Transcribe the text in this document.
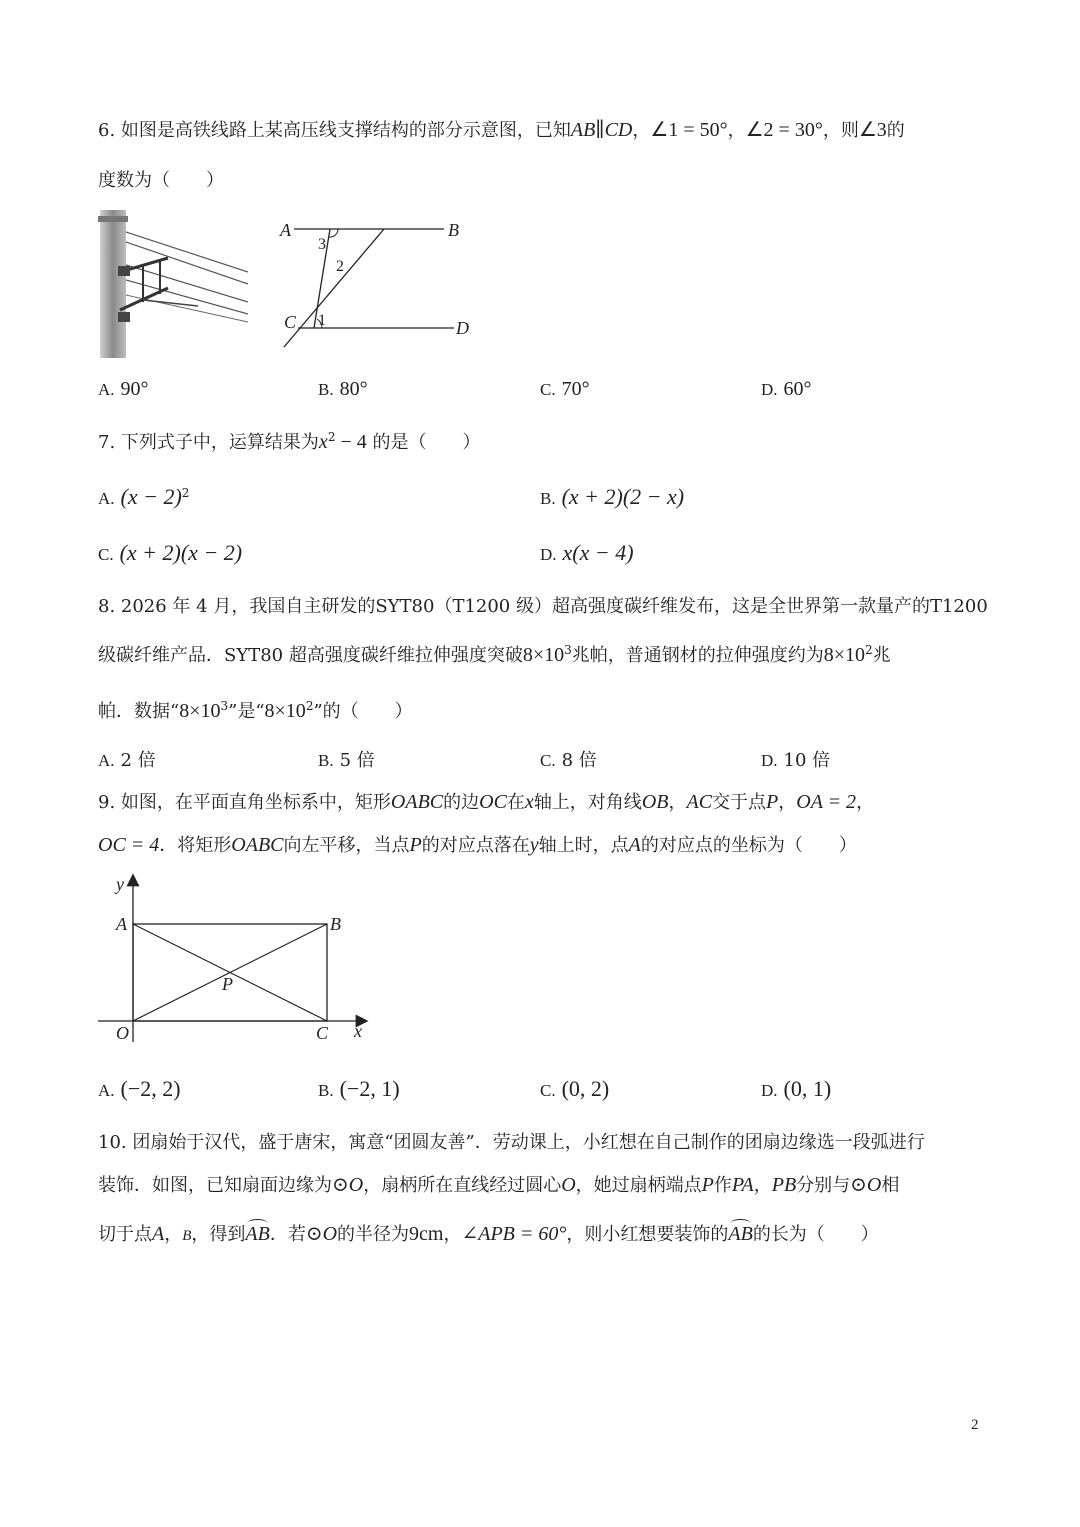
6. 如图是高铁线路上某高压线支撑结构的部分示意图，已知AB∥CD，∠1 = 50°，∠2 = 30°，则∠3的
度数为（　　）
A	B
C	D
3
2
1
A. 90°	B. 80°	C. 70°	D. 60°
7. 下列式子中，运算结果为$x^2 - 4$ 的是（　　）
A. $(x - 2)^2$	B. (x + 2)(2 − x)
C. (x + 2)(x − 2)	D. x(x − 4)
8. 2026 年 4 月，我国自主研发的SYT80（T1200 级）超高强度碳纤维发布，这是全世界第一款量产的T1200
级碳纤维产品．SYT80 超高强度碳纤维拉伸强度突破$8\times 10^3$兆帕，普通钢材的拉伸强度约为$8\times 10^2$兆
帕．数据“$8\times 10^3$”是“$8\times 10^2$”的（　　）
A. 2 倍	B. 5 倍	C. 8 倍	D. 10 倍
9. 如图，在平面直角坐标系中，矩形OABC的边OC在x轴上，对角线OB，AC交于点P，OA = 2，
OC = 4．将矩形OABC向左平移，当点P的对应点落在y轴上时，点A的对应点的坐标为（　　）
y
x
A	B
C
O
P
A. (−2, 2)	B. (−2, 1)	C. (0, 2)	D. (0, 1)
10. 团扇始于汉代，盛于唐宋，寓意“团圆友善”．劳动课上，小红想在自己制作的团扇边缘选一段弧进行
装饰．如图，已知扇面边缘为⊙O，扇柄所在直线经过圆心O，她过扇柄端点P作PA，PB分别与⊙O相
切于点A，B，得到AB．若⊙O的半径为9cm，∠APB = 60°，则小红想要装饰的AB的长为（　　）
2
